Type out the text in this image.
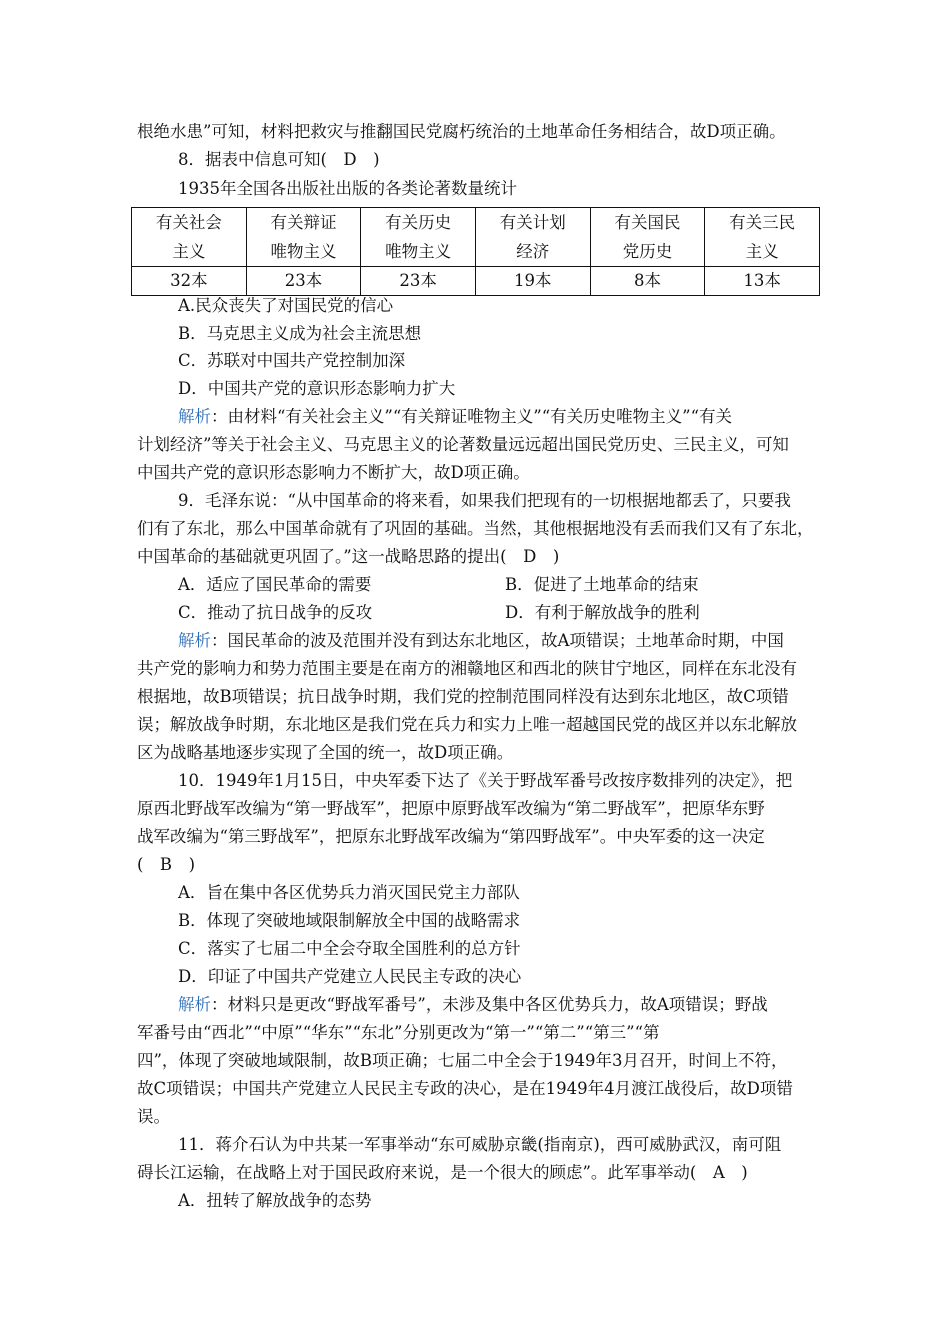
根绝水患”可知，材料把救灾与推翻国民党腐朽统治的土地革命任务相结合，故D项正确。
8．据表中信息可知(　D　)
1935年全国各出版社出版的各类论著数量统计
有关社会主义	有关辩证唯物主义	有关历史唯物主义	有关计划经济	有关国民党历史	有关三民主义
32本	23本	23本	19本	8本	13本
A.民众丧失了对国民党的信心
B．马克思主义成为社会主流思想
C．苏联对中国共产党控制加深
D．中国共产党的意识形态影响力扩大
解析：由材料“有关社会主义”“有关辩证唯物主义”“有关历史唯物主义”“有关
计划经济”等关于社会主义、马克思主义的论著数量远远超出国民党历史、三民主义，可知
中国共产党的意识形态影响力不断扩大，故D项正确。
9．毛泽东说：“从中国革命的将来看，如果我们把现有的一切根据地都丢了，只要我
们有了东北，那么中国革命就有了巩固的基础。当然，其他根据地没有丢而我们又有了东北，
中国革命的基础就更巩固了。”这一战略思路的提出(　D　)
A．适应了国民革命的需要	B．促进了土地革命的结束
C．推动了抗日战争的反攻	D．有利于解放战争的胜利
解析：国民革命的波及范围并没有到达东北地区，故A项错误；土地革命时期，中国
共产党的影响力和势力范围主要是在南方的湘赣地区和西北的陕甘宁地区，同样在东北没有
根据地，故B项错误；抗日战争时期，我们党的控制范围同样没有达到东北地区，故C项错
误；解放战争时期，东北地区是我们党在兵力和实力上唯一超越国民党的战区并以东北解放
区为战略基地逐步实现了全国的统一，故D项正确。
10．1949年1月15日，中央军委下达了《关于野战军番号改按序数排列的决定》，把
原西北野战军改编为“第一野战军”，把原中原野战军改编为“第二野战军”，把原华东野
战军改编为“第三野战军”，把原东北野战军改编为“第四野战军”。中央军委的这一决定
(　B　)
A．旨在集中各区优势兵力消灭国民党主力部队
B．体现了突破地域限制解放全中国的战略需求
C．落实了七届二中全会夺取全国胜利的总方针
D．印证了中国共产党建立人民民主专政的决心
解析：材料只是更改“野战军番号”，未涉及集中各区优势兵力，故A项错误；野战
军番号由“西北”“中原”“华东”“东北”分别更改为“第一”“第二”“第三”“第
四”，体现了突破地域限制，故B项正确；七届二中全会于1949年3月召开，时间上不符，
故C项错误；中国共产党建立人民民主专政的决心，是在1949年4月渡江战役后，故D项错
误。
11．蒋介石认为中共某一军事举动“东可威胁京畿(指南京)，西可威胁武汉，南可阻
碍长江运输，在战略上对于国民政府来说，是一个很大的顾虑”。此军事举动(　A　)
A．扭转了解放战争的态势
